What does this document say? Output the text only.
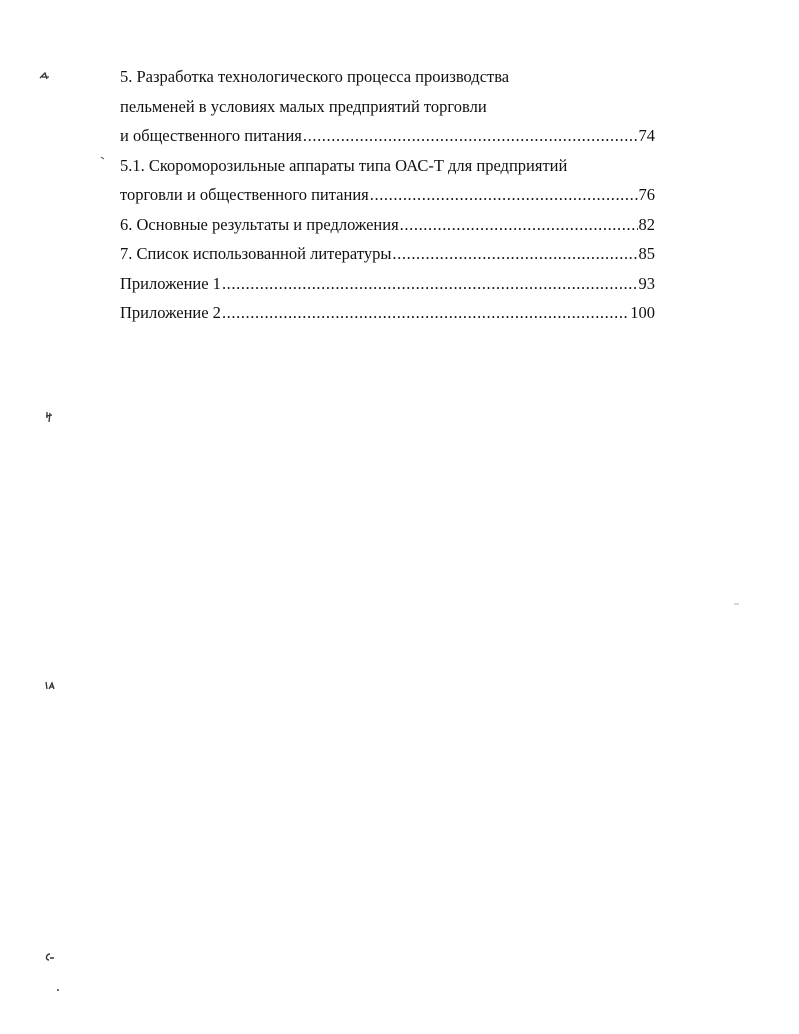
5. Разработка технологического процесса производства
пельменей в условиях малых предприятий торговли
и общественного питания .....	74
5.1. Скороморозильные аппараты типа ОАС-Т для предприятий
торговли и общественного питания .....	76
6. Основные результаты и предложения .....	82
7. Список использованной литературы .....	85
Приложение 1 .....	93
Приложение 2 .....	100
